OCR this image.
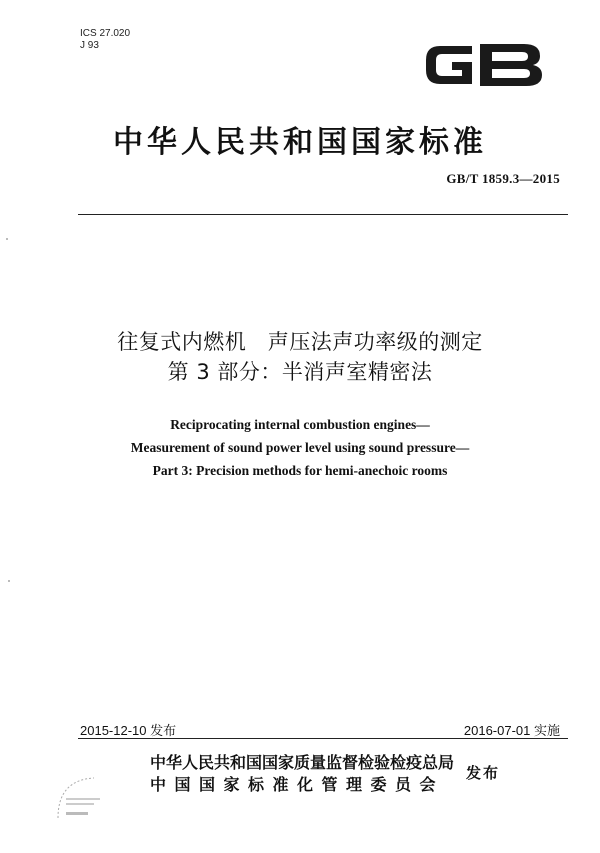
ICS 27.020
J 93
中华人民共和国国家标准
GB/T 1859.3—2015
往复式内燃机　声压法声功率级的测定
第 3 部分：半消声室精密法
Reciprocating internal combustion engines—
Measurement of sound power level using sound pressure—
Part 3: Precision methods for hemi-anechoic rooms
2015-12-10 发布	2016-07-01 实施
中华人民共和国国家质量监督检验检疫总局
中国国家标准化管理委员会
发布
